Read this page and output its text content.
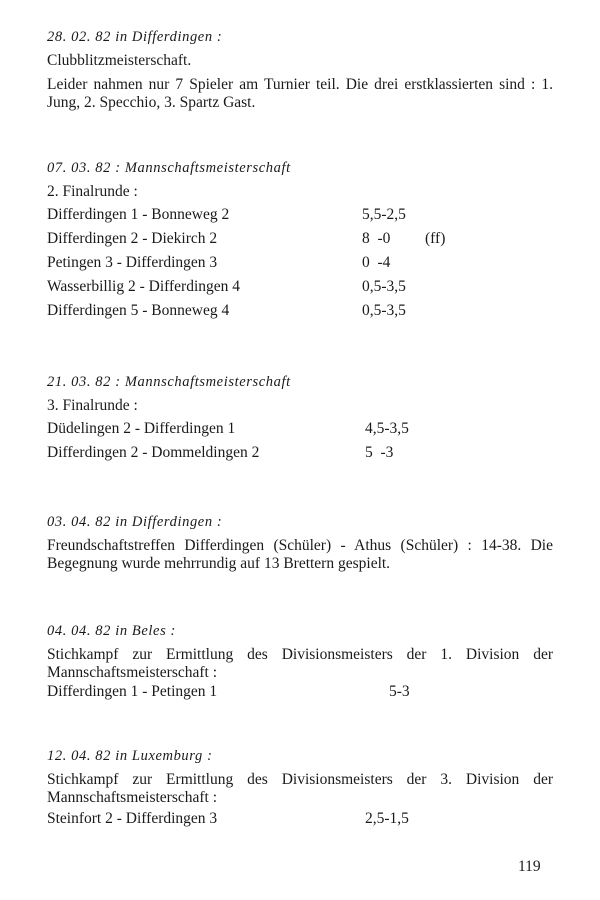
28. 02. 82 in Differdingen :
Clubblitzmeisterschaft.
Leider nahmen nur 7 Spieler am Turnier teil. Die drei erstklassierten sind : 1. Jung, 2. Specchio, 3. Spartz Gast.
07. 03. 82 : Mannschaftsmeisterschaft
2. Finalrunde :
Differdingen 1 - Bonneweg 2	5,5-2,5
Differdingen 2 - Diekirch 2	8  -0 (ff)
Petingen 3 - Differdingen 3	0  -4
Wasserbillig 2 - Differdingen 4	0,5-3,5
Differdingen 5 - Bonneweg 4	0,5-3,5
21. 03. 82 : Mannschaftsmeisterschaft
3. Finalrunde :
Düdelingen 2 - Differdingen 1	4,5-3,5
Differdingen 2 - Dommeldingen 2	5  -3
03. 04. 82 in Differdingen :
Freundschaftstreffen Differdingen (Schüler) - Athus (Schüler) : 14-38. Die Begegnung wurde mehrrundig auf 13 Brettern gespielt.
04. 04. 82 in Beles :
Stichkampf zur Ermittlung des Divisionsmeisters der 1. Division der Mannschaftsmeisterschaft :
Differdingen 1 - Petingen 1	5-3
12. 04. 82 in Luxemburg :
Stichkampf zur Ermittlung des Divisionsmeisters der 3. Division der Mannschaftsmeisterschaft :
Steinfort 2 - Differdingen 3	2,5-1,5
119
